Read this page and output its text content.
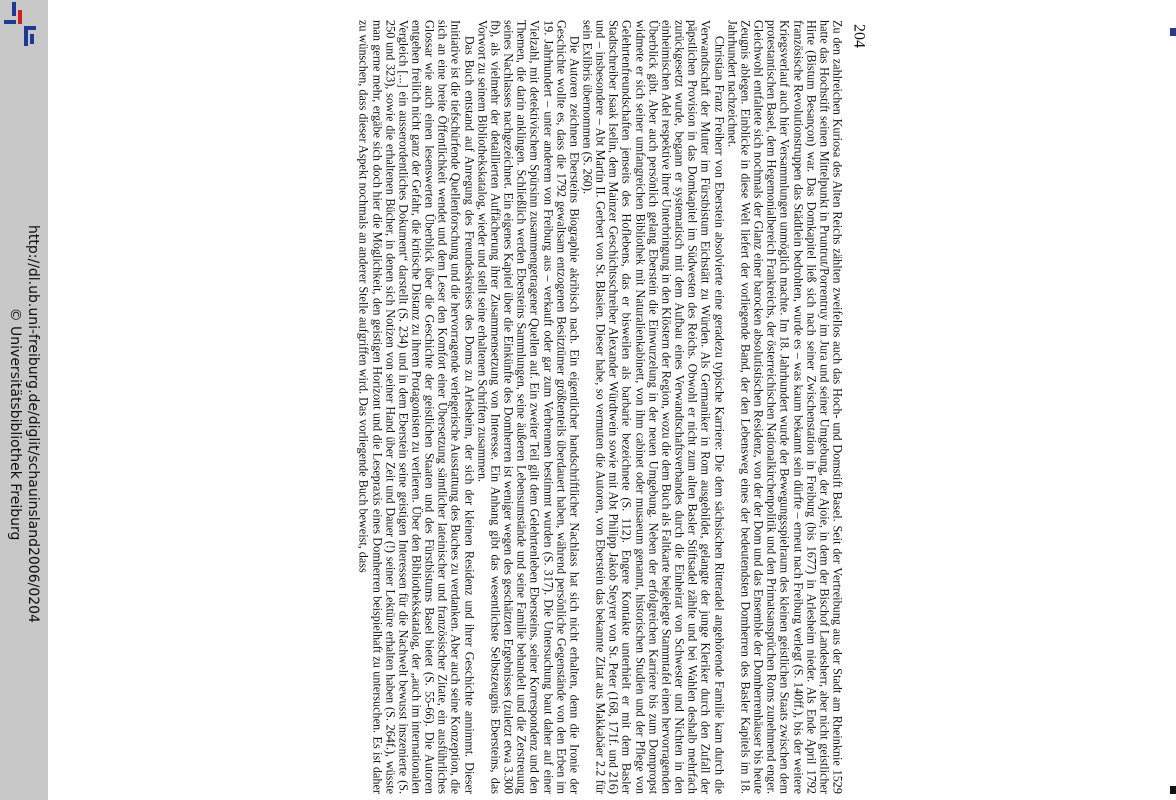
http://dl.ub.uni-freiburg.de/diglit/schauinsland2006/0204
© Universitätsbibliothek Freiburg
204

Zu den zahlreichen Kuriosa des Alten Reichs zählten zweifellos auch das Hoch- und Domstift Basel. Seit der Vertreibung aus der Stadt am Rheinknie 1529 hatte das Hochstift seinen Mittelpunkt in Pruntrut/Porrentruy im Jura und seiner Umgebung, der Ajoie, in dem der Bischof Landesherr, aber nicht geistlicher Hirte (Bistum Besançon) war. Das Domkapitel ließ sich nach seiner Zwischenstation in Freiburg (bis 1677) in Arlesheim nieder. Als Ende April 1792 französische Revolutionstruppen das Städtlein bedrohten, wurde es – was kaum bekannt sein dürfte – erneut nach Freiburg verlegt (S. 140ff.), bis der weitere Kriegsverlauf auch hier Versammlungen unmöglich machte. Im 18. Jahrhundert wurde der Bewegungsspielraum des kleinen geistlichen Staats zwischen dem protestantischen Basel, dem Hegemonialbereich Frankreichs, der österreichischen Nationalkirchenpolitik und den Primatsansprüchen Roms zunehmend enger. Gleichwohl entfaltete sich nochmals der Glanz einer barocken absolutistischen Residenz, von der der Dom und das Ensemble der Domherrenhäuser bis heute Zeugnis ablegen. Einblicke in diese Welt liefert der vorliegende Band, der den Lebensweg eines der bedeutendsten Domherren des Basler Kapitels im 18. Jahrhundert nachzeichnet.

Christian Franz Freiherr von Eberstein absolvierte eine geradezu typische Karriere: Die dem sächsischen Ritteradel angehörende Familie kam durch die Verwandtschaft der Mutter im Fürstbistum Eichstätt zu Würden. Als Germaniker in Rom ausgebildet, gelangte der junge Kleriker durch den Zufall der päpstlichen Provision in das Domkapitel im Südwesten des Reichs. Obwohl er nicht zum alten Basler Stiftsadel zählte und bei Wahlen deshalb mehrfach zurückgesetzt wurde, begann er systematisch mit dem Aufbau eines Verwandtschaftsverbandes durch die Einheirat von Schwester und Nichten in den einheimischen Adel respektive ihrer Unterbringung in den Klöstern der Region, wozu die dem Buch als Faltkarte beigelegte Stammtafel einen hervorragenden Überblick gibt. Aber auch persönlich gelang Eberstein die Einwurzelung in der neuen Umgebung. Neben der erfolgreichen Karriere bis zum Dompropst widmete er sich seiner umfangreichen Bibliothek mit Naturalienkabinett, von ihm cabinet oder musaeum genannt, historischen Studien und der Pflege von Gelehrtenfreundschaften jenseits des Hoflebens, das er bisweilen als barbarie bezeichnete (S. 112). Engere Kontakte unterhielt er mit dem Basler Stadtschreiber Isaak Iselin, dem Mainzer Geschichtsschreiber Alexander Würdtwein sowie mit Abt Philipp Jakob Steyrer von St. Peter (168, 171f. und 216) und – insbesondere – Abt Martin II. Gerbert von St. Blasien. Dieser habe, so vermuten die Autoren, von Eberstein das bekannte Zitat aus Makkabäer 2.2 für sein Exlibris übernommen (S. 260).

Die Autoren zeichnen Ebersteins Biographie akribisch nach. Ein eigentlicher handschriftlicher Nachlass hat sich nicht erhalten, denn die Ironie der Geschichte wollte es, dass die 1792 gewaltsam entzogenen Besitztümer größtenteils überdauert haben, während persönliche Gegenstände von den Erben im 19. Jahrhundert – unter anderem von Freiburg aus – verkauft oder gar zum Verbrennen bestimmt wurden (S. 317). Die Untersuchung baut daher auf einer Vielzahl, mit detektivischem Spürsinn zusammengetragener Quellen auf. Ein zweiter Teil gilt dem Gelehrtenleben Ebersteins, seiner Korrespondenz und den Themen, die darin anklingen. Schließlich werden Ebersteins Sammlungen, seine äußeren Lebensumstände und seine Familie behandelt und die Zerstreuung seines Nachlasses nachgezeichnet. Ein eigenes Kapitel über die Einkünfte des Domherren ist weniger wegen des geschätzten Ergebnisses (zuletzt etwa 3.300 fb), als vielmehr der detaillierten Auffächerung ihrer Zusammensetzung von Interesse. Ein Anhang gibt das wesentlichste Selbstzeugnis Ebersteins, das Vorwort zu seinem Bibliothekskatalog, wieder und stellt seine erhaltenen Schriften zusammen.

Das Buch entstand auf Anregung des Freundeskreises des Doms zu Arlesheim, der sich der kleinen Residenz und ihrer Geschichte annimmt. Dieser Initiative ist die tiefschürfende Quellenforschung und die hervorragende verlegerische Ausstattung des Buches zu verdanken. Aber auch seine Konzeption, die sich an eine breite Öffentlichkeit wendet und dem Leser den Komfort einer Übersetzung sämtlicher lateinischer und französischer Zitate, ein ausführliches Glossar wie auch einen lesenswerten Überblick über die Geschichte der geistlichen Staaten und des Fürstbistums Basel bietet (S. 55-66). Die Autoren entgehen freilich nicht ganz der Gefahr, die kritische Distanz zu ihrem Protagonisten zu verlieren. Über den Bibliothekskatalog, der „auch im internationalen Vergleich [...] ein ausserordentliches Dokument“ darstellt (S. 234) und in dem Eberstein seine geistigen Interessen für die Nachwelt bewusst inszenierte (S. 250 und 323), sowie die erhaltenen Bücher, in denen sich Notizen von seiner Hand über Zeit und Dauer (!) seiner Lektüre erhalten haben (S. 264f.), wüsste man gerne mehr, ergäbe sich doch hier die Möglichkeit, den geistigen Horizont und die Lesepraxis eines Domherren beispielhaft zu untersuchen. Es ist daher zu wünschen, dass dieser Aspekt nochmals an anderer Stelle aufgriffen wird. Das vorliegende Buch beweist, dass
